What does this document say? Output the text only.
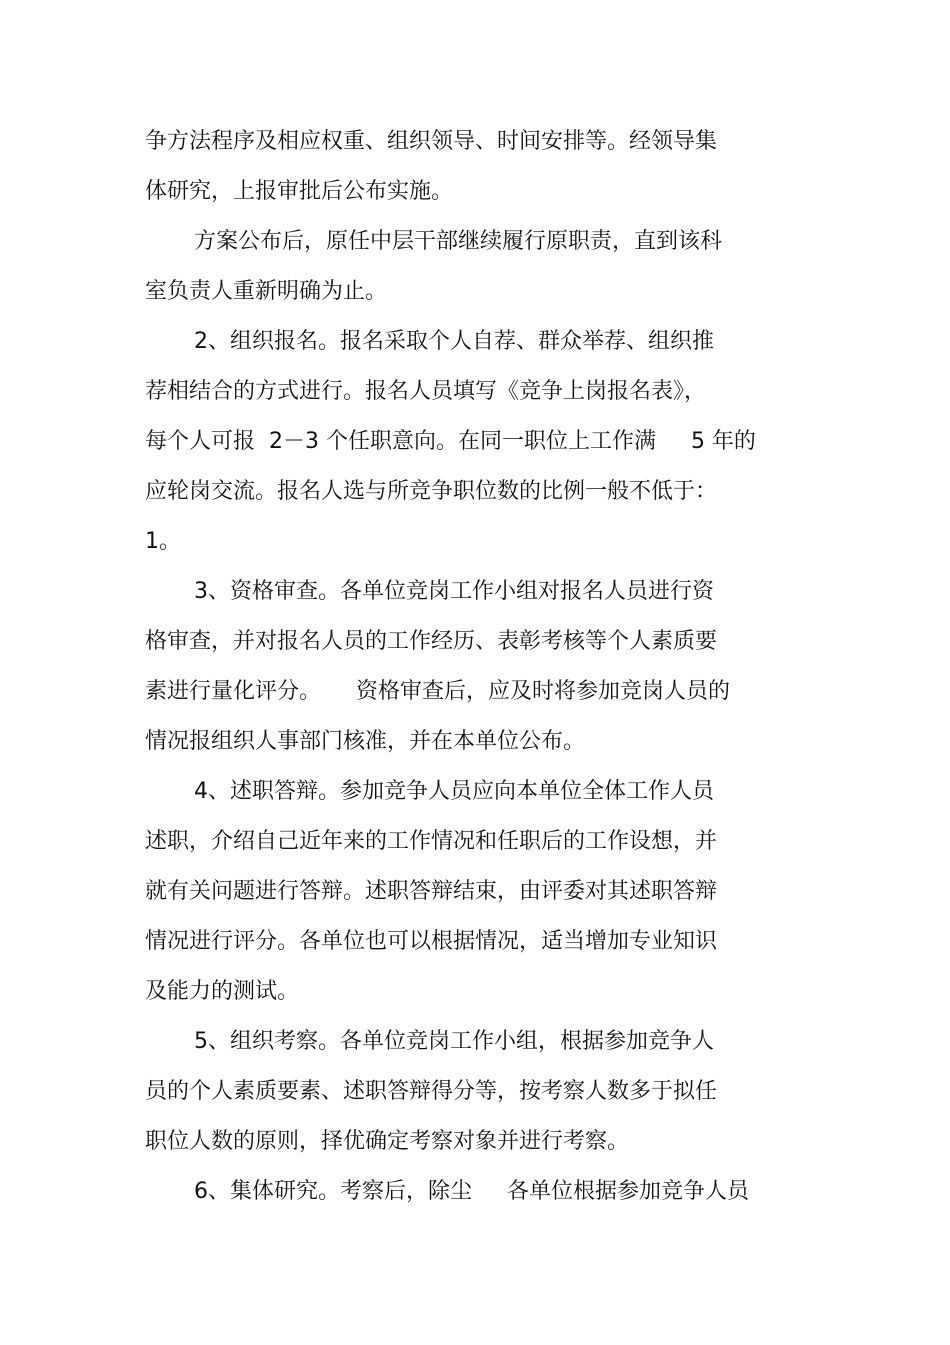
争方法程序及相应权重、组织领导、时间安排等。经领导集

体研究，上报审批后公布实施。

方案公布后，原任中层干部继续履行原职责，直到该科

室负责人重新明确为止。

2、组织报名。报名采取个人自荐、群众举荐、组织推

荐相结合的方式进行。报名人员填写《竞争上岗报名表》，

每个人可报  2－3 个任职意向。在同一职位上工作满     5 年的

应轮岗交流。报名人选与所竞争职位数的比例一般不低于：

1。

3、资格审查。各单位竞岗工作小组对报名人员进行资

格审查，并对报名人员的工作经历、表彰考核等个人素质要

素进行量化评分。     资格审查后，应及时将参加竞岗人员的

情况报组织人事部门核准，并在本单位公布。

4、述职答辩。参加竞争人员应向本单位全体工作人员

述职，介绍自己近年来的工作情况和任职后的工作设想，并

就有关问题进行答辩。述职答辩结束，由评委对其述职答辩

情况进行评分。各单位也可以根据情况，适当增加专业知识

及能力的测试。

5、组织考察。各单位竞岗工作小组，根据参加竞争人

员的个人素质要素、述职答辩得分等，按考察人数多于拟任

职位人数的原则，择优确定考察对象并进行考察。

6、集体研究。考察后，除尘     各单位根据参加竞争人员
